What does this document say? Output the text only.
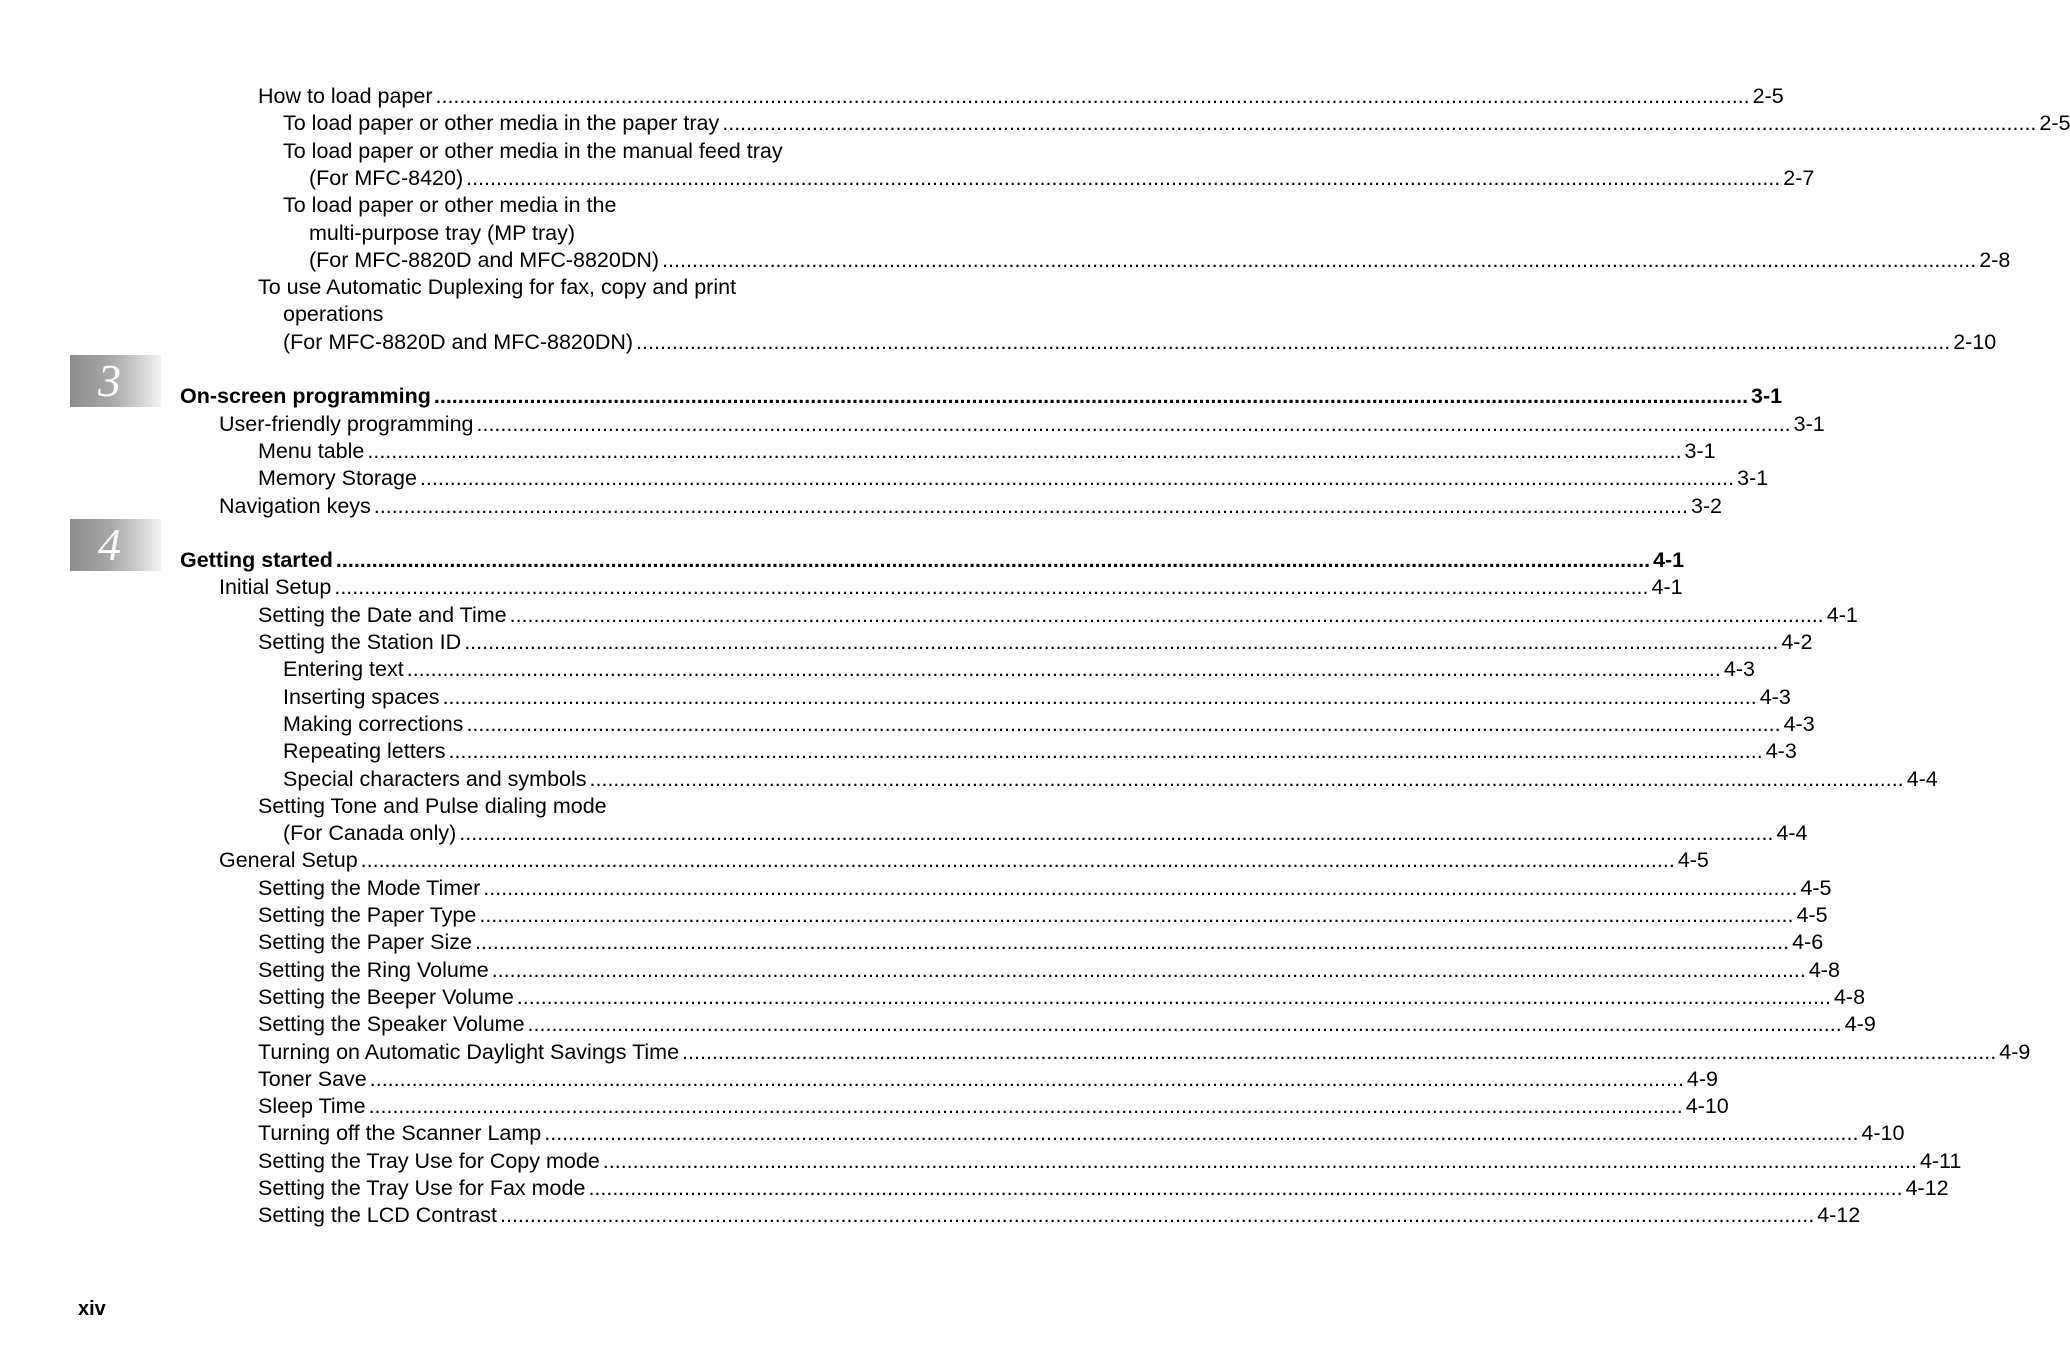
How to load paper ............................................................................................................................................................................................................................ 2-5
To load paper or other media in the paper tray ............................................................................................................................................................................................................................ 2-5
To load paper or other media in the manual feed tray
(For MFC-8420) ............................................................................................................................................................................................................................ 2-7
To load paper or other media in the
multi-purpose tray (MP tray)
(For MFC-8820D and MFC-8820DN) ............................................................................................................................................................................................................................ 2-8
To use Automatic Duplexing for fax, copy and print
operations
(For MFC-8820D and MFC-8820DN) ............................................................................................................................................................................................................................ 2-10
On-screen programming ............................................................................................................................................................................................................................ 3-1
User-friendly programming ............................................................................................................................................................................................................................ 3-1
Menu table ............................................................................................................................................................................................................................ 3-1
Memory Storage ............................................................................................................................................................................................................................ 3-1
Navigation keys ............................................................................................................................................................................................................................ 3-2
Getting started ............................................................................................................................................................................................................................ 4-1
Initial Setup ............................................................................................................................................................................................................................ 4-1
Setting the Date and Time ............................................................................................................................................................................................................................ 4-1
Setting the Station ID ............................................................................................................................................................................................................................ 4-2
Entering text ............................................................................................................................................................................................................................ 4-3
Inserting spaces ............................................................................................................................................................................................................................ 4-3
Making corrections ............................................................................................................................................................................................................................ 4-3
Repeating letters ............................................................................................................................................................................................................................ 4-3
Special characters and symbols ............................................................................................................................................................................................................................ 4-4
Setting Tone and Pulse dialing mode
(For Canada only) ............................................................................................................................................................................................................................ 4-4
General Setup ............................................................................................................................................................................................................................ 4-5
Setting the Mode Timer ............................................................................................................................................................................................................................ 4-5
Setting the Paper Type ............................................................................................................................................................................................................................ 4-5
Setting the Paper Size ............................................................................................................................................................................................................................ 4-6
Setting the Ring Volume ............................................................................................................................................................................................................................ 4-8
Setting the Beeper Volume ............................................................................................................................................................................................................................ 4-8
Setting the Speaker Volume ............................................................................................................................................................................................................................ 4-9
Turning on Automatic Daylight Savings Time ............................................................................................................................................................................................................................ 4-9
Toner Save ............................................................................................................................................................................................................................ 4-9
Sleep Time ............................................................................................................................................................................................................................ 4-10
Turning off the Scanner Lamp ............................................................................................................................................................................................................................ 4-10
Setting the Tray Use for Copy mode ............................................................................................................................................................................................................................ 4-11
Setting the Tray Use for Fax mode ............................................................................................................................................................................................................................ 4-12
Setting the LCD Contrast ............................................................................................................................................................................................................................ 4-12
3
4
xiv
